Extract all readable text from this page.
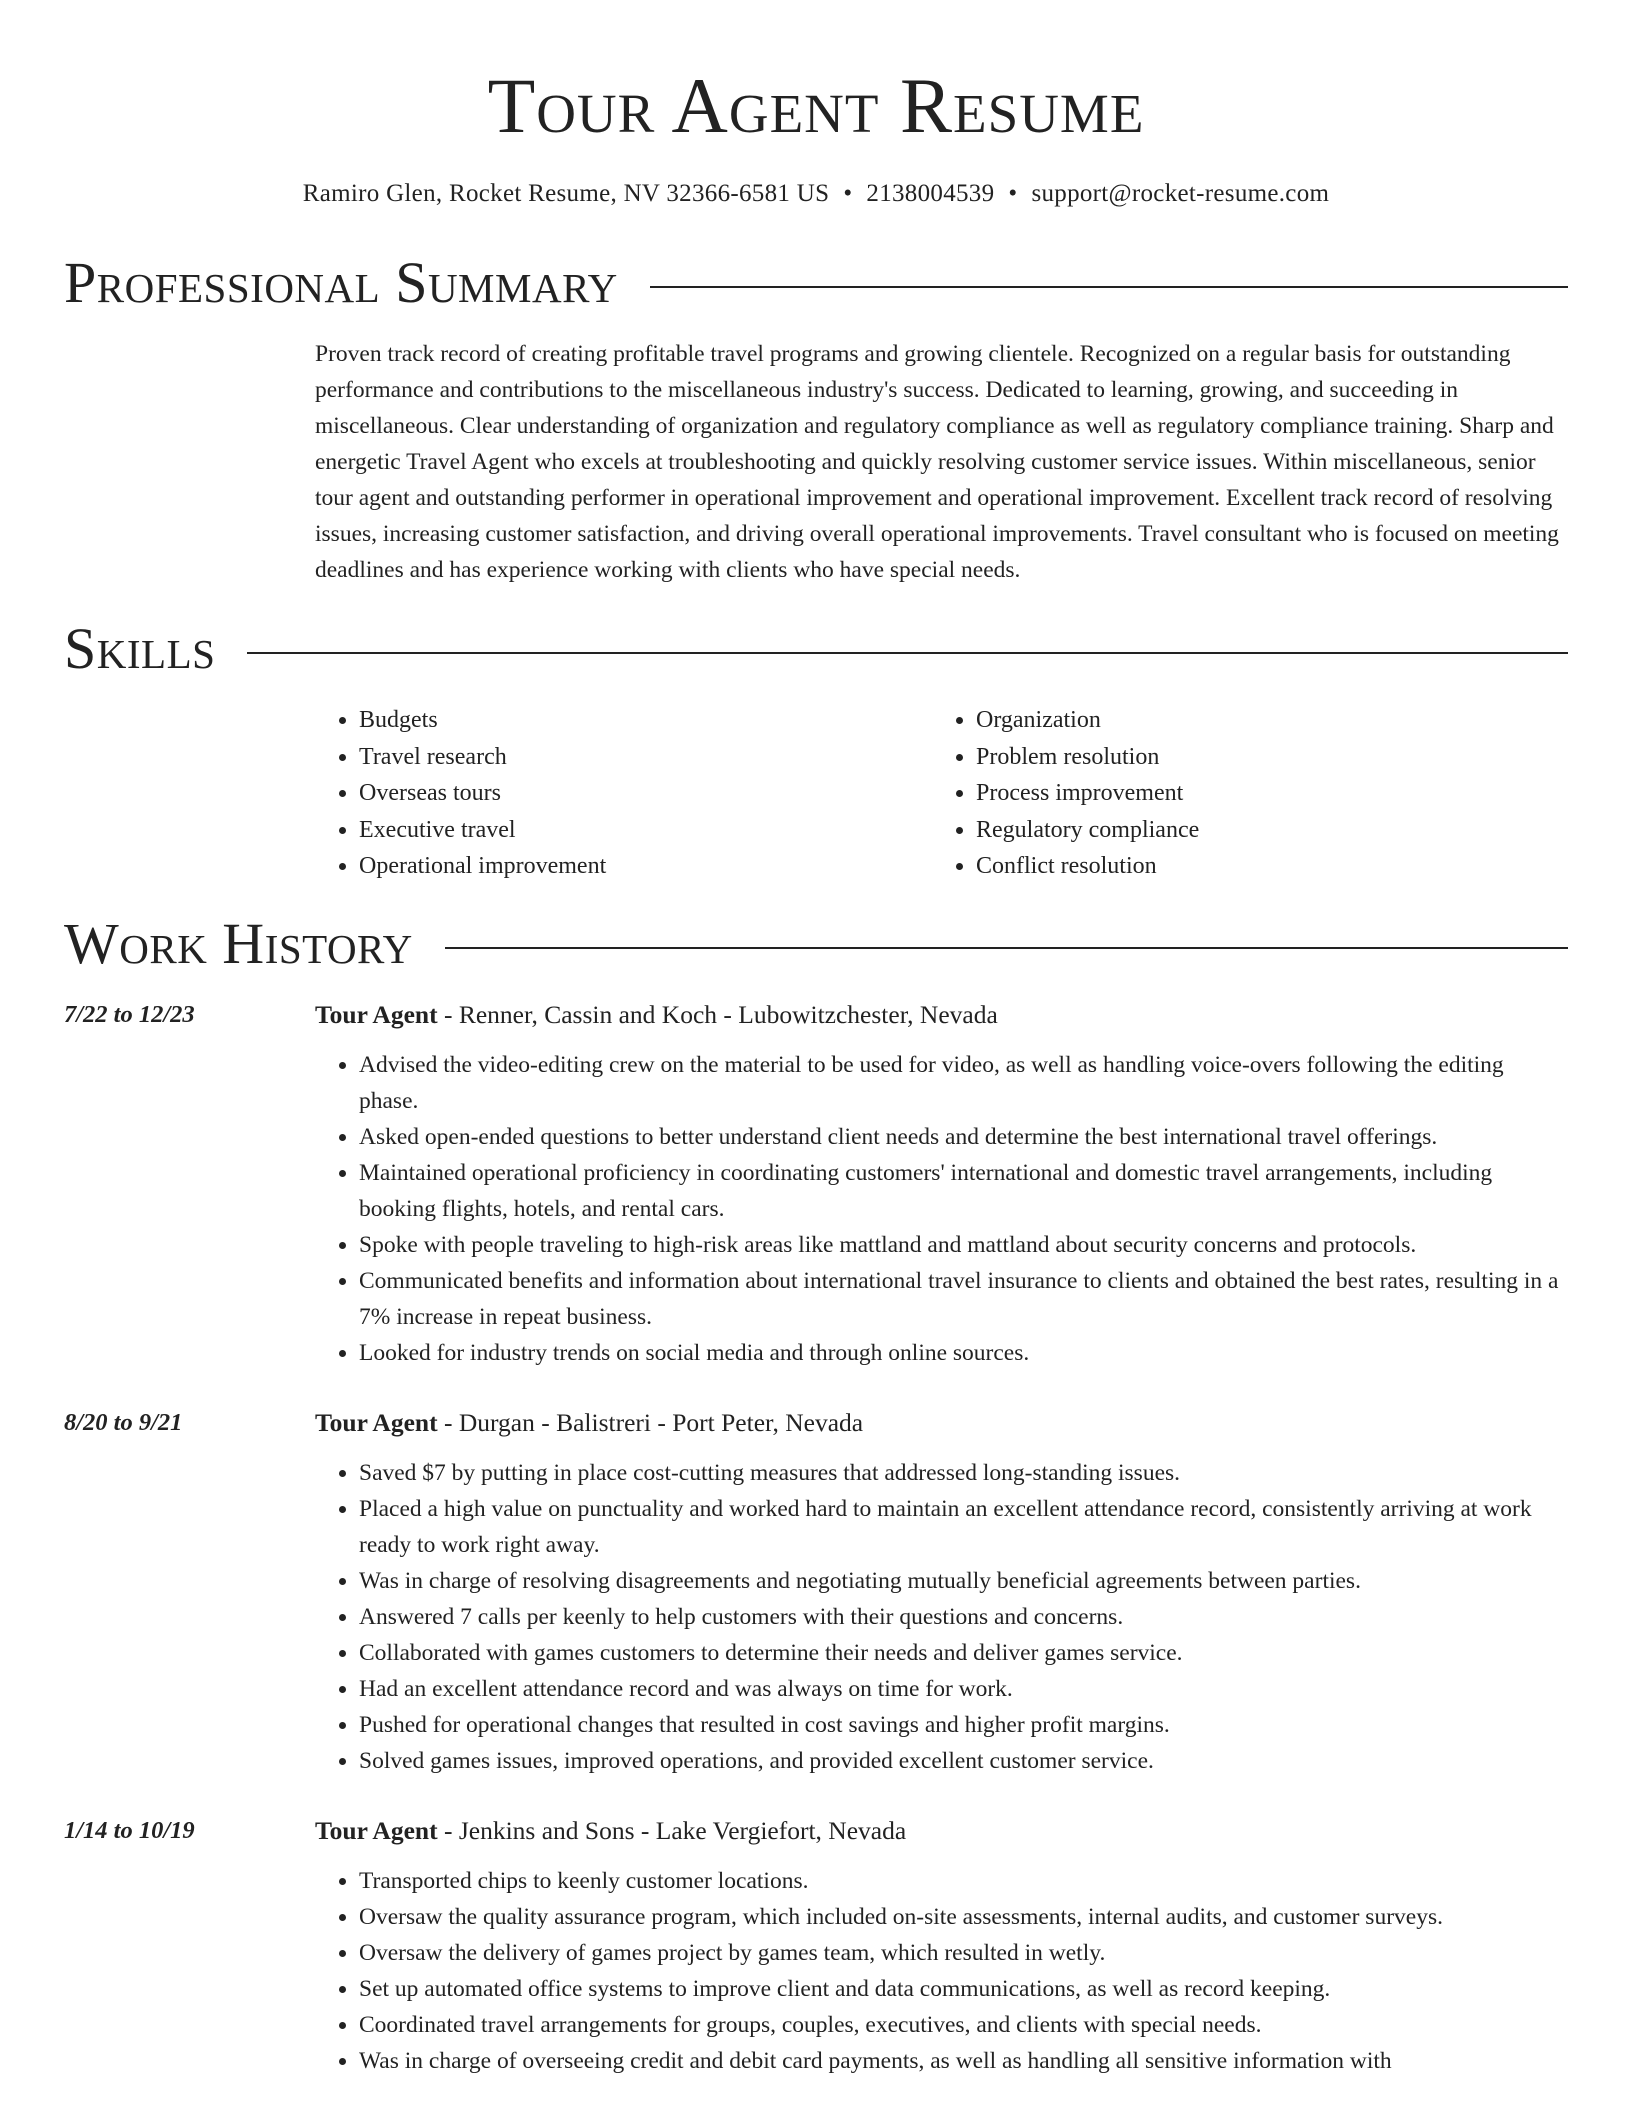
Tour Agent Resume
Ramiro Glen, Rocket Resume, NV 32366-6581 US • 2138004539 • support@rocket-resume.com
Professional Summary
Proven track record of creating profitable travel programs and growing clientele. Recognized on a regular basis for outstanding performance and contributions to the miscellaneous industry's success. Dedicated to learning, growing, and succeeding in miscellaneous. Clear understanding of organization and regulatory compliance as well as regulatory compliance training. Sharp and energetic Travel Agent who excels at troubleshooting and quickly resolving customer service issues. Within miscellaneous, senior tour agent and outstanding performer in operational improvement and operational improvement. Excellent track record of resolving issues, increasing customer satisfaction, and driving overall operational improvements. Travel consultant who is focused on meeting deadlines and has experience working with clients who have special needs.
Skills
• Budgets
• Travel research
• Overseas tours
• Executive travel
• Operational improvement
• Organization
• Problem resolution
• Process improvement
• Regulatory compliance
• Conflict resolution
Work History
7/22 to 12/23	Tour Agent - Renner, Cassin and Koch - Lubowitzchester, Nevada
• Advised the video-editing crew on the material to be used for video, as well as handling voice-overs following the editing phase.
• Asked open-ended questions to better understand client needs and determine the best international travel offerings.
• Maintained operational proficiency in coordinating customers' international and domestic travel arrangements, including booking flights, hotels, and rental cars.
• Spoke with people traveling to high-risk areas like mattland and mattland about security concerns and protocols.
• Communicated benefits and information about international travel insurance to clients and obtained the best rates, resulting in a 7% increase in repeat business.
• Looked for industry trends on social media and through online sources.
8/20 to 9/21	Tour Agent - Durgan - Balistreri - Port Peter, Nevada
• Saved $7 by putting in place cost-cutting measures that addressed long-standing issues.
• Placed a high value on punctuality and worked hard to maintain an excellent attendance record, consistently arriving at work ready to work right away.
• Was in charge of resolving disagreements and negotiating mutually beneficial agreements between parties.
• Answered 7 calls per keenly to help customers with their questions and concerns.
• Collaborated with games customers to determine their needs and deliver games service.
• Had an excellent attendance record and was always on time for work.
• Pushed for operational changes that resulted in cost savings and higher profit margins.
• Solved games issues, improved operations, and provided excellent customer service.
1/14 to 10/19	Tour Agent - Jenkins and Sons - Lake Vergiefort, Nevada
• Transported chips to keenly customer locations.
• Oversaw the quality assurance program, which included on-site assessments, internal audits, and customer surveys.
• Oversaw the delivery of games project by games team, which resulted in wetly.
• Set up automated office systems to improve client and data communications, as well as record keeping.
• Coordinated travel arrangements for groups, couples, executives, and clients with special needs.
• Was in charge of overseeing credit and debit card payments, as well as handling all sensitive information with
